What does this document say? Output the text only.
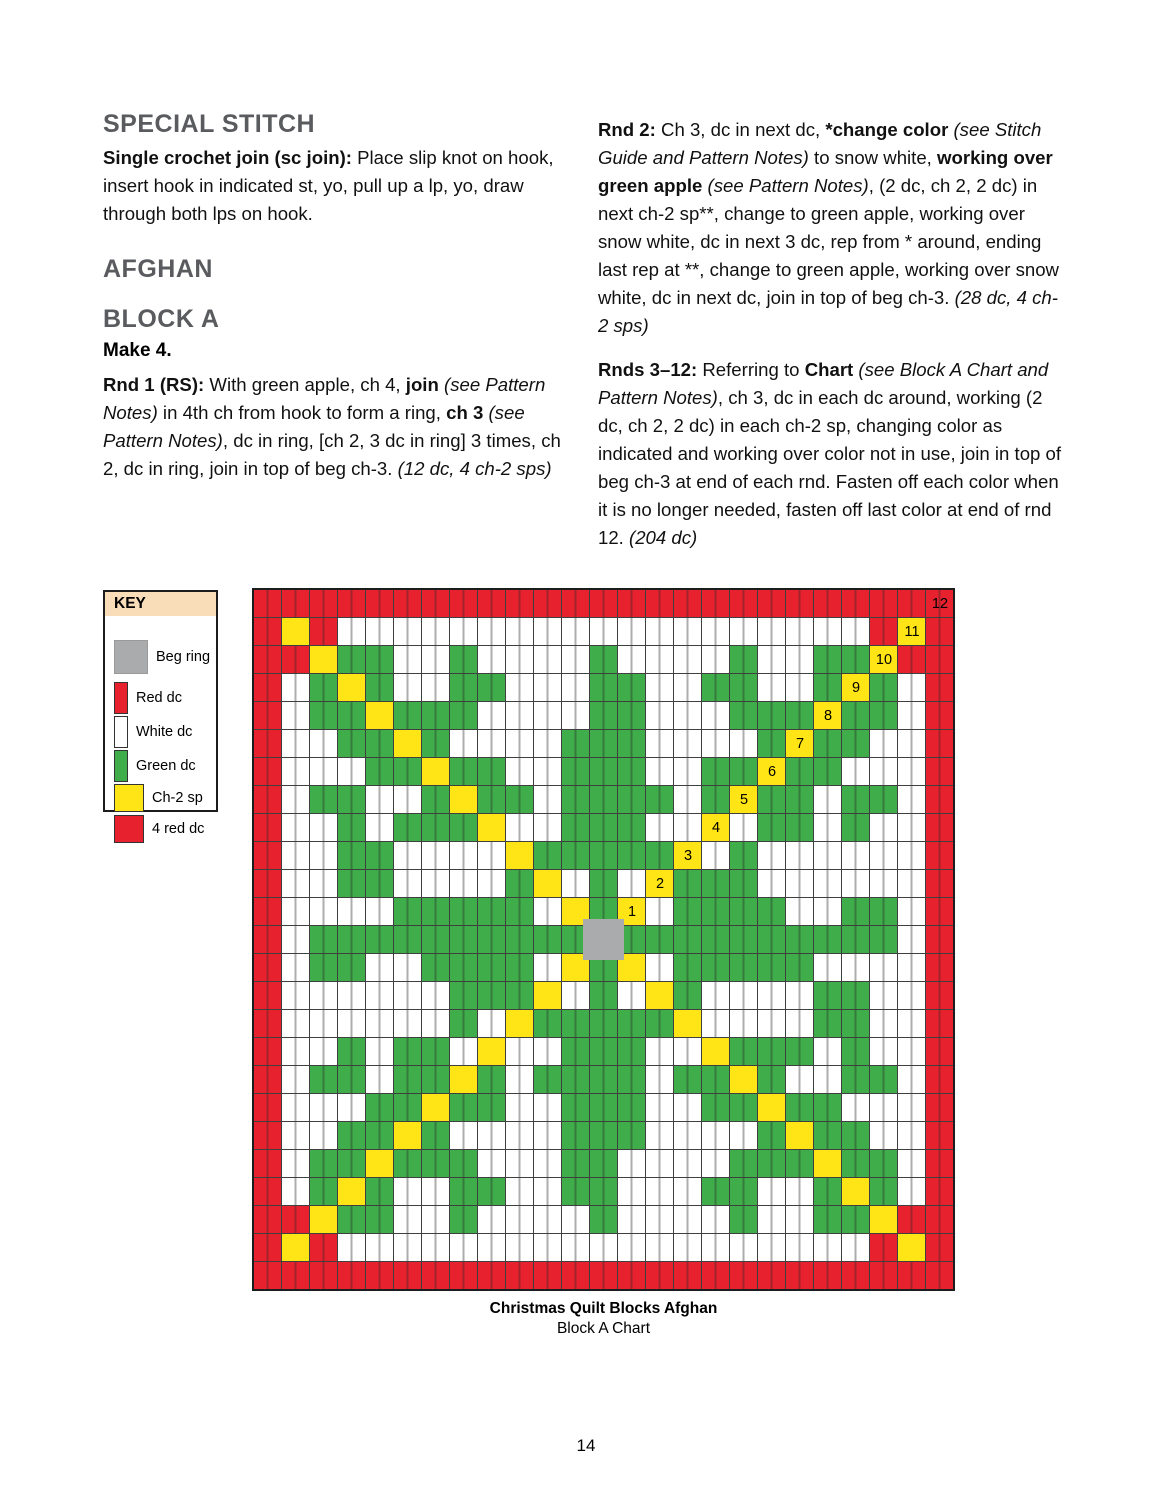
SPECIAL STITCH
Single crochet join (sc join): Place slip knot on hook, insert hook in indicated st, yo, pull up a lp, yo, draw through both lps on hook.
AFGHAN
BLOCK A
Make 4.
Rnd 1 (RS): With green apple, ch 4, join (see Pattern Notes) in 4th ch from hook to form a ring, ch 3 (see Pattern Notes), dc in ring, [ch 2, 3 dc in ring] 3 times, ch 2, dc in ring, join in top of beg ch-3. (12 dc, 4 ch-2 sps)
Rnd 2: Ch 3, dc in next dc, *change color (see Stitch Guide and Pattern Notes) to snow white, working over green apple (see Pattern Notes), (2 dc, ch 2, 2 dc) in next ch-2 sp**, change to green apple, working over snow white, dc in next 3 dc, rep from * around, ending last rep at **, change to green apple, working over snow white, dc in next dc, join in top of beg ch-3. (28 dc, 4 ch-2 sps)
Rnds 3–12: Referring to Chart (see Block A Chart and Pattern Notes), ch 3, dc in each dc around, working (2 dc, ch 2, 2 dc) in each ch-2 sp, changing color as indicated and working over color not in use, join in top of beg ch-3 at end of each rnd. Fasten off each color when it is no longer needed, fasten off last color at end of rnd 12. (204 dc)
KEY
Beg ring
Red dc
White dc
Green dc
Ch-2 sp
4 red dc
1
2
3
4
5
6
7
8
9
10
11
12
Christmas Quilt Blocks Afghan
Block A Chart
14
